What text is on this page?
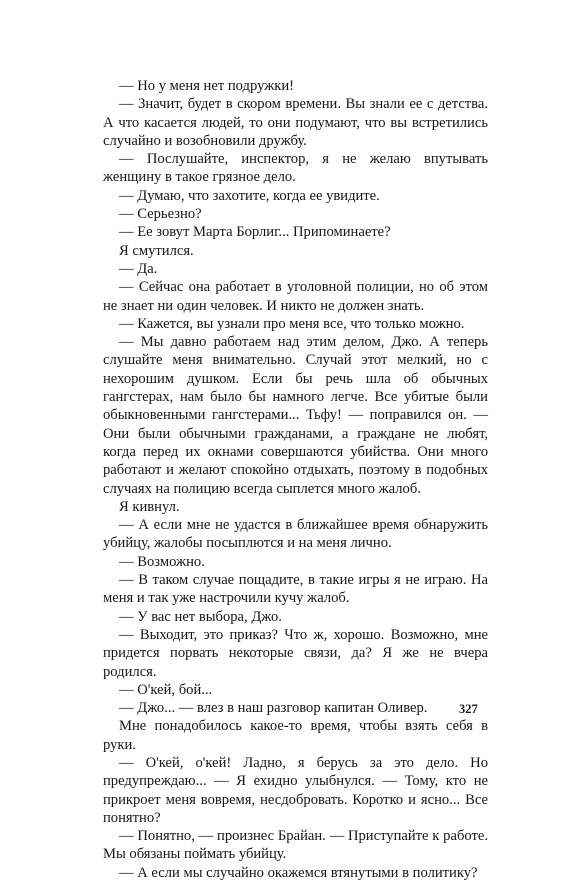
— Но у меня нет подружки!

— Значит, будет в скором времени. Вы знали ее с детства. А что касается людей, то они подумают, что вы встретились случайно и возобновили дружбу.

— Послушайте, инспектор, я не желаю впутывать женщину в такое грязное дело.

— Думаю, что захотите, когда ее увидите.

— Серьезно?

— Ее зовут Марта Борлиг... Припоминаете?

Я смутился.

— Да.

— Сейчас она работает в уголовной полиции, но об этом не знает ни один человек. И никто не должен знать.

— Кажется, вы узнали про меня все, что только можно.

— Мы давно работаем над этим делом, Джо. А теперь слушайте меня внимательно. Случай этот мелкий, но с нехорошим душком. Если бы речь шла об обычных гангстерах, нам было бы намного легче. Все убитые были обыкновенными гангстерами... Тьфу! — поправился он. — Они были обычными гражданами, а граждане не любят, когда перед их окнами совершаются убийства. Они много работают и желают спокойно отдыхать, поэтому в подобных случаях на полицию всегда сыплется много жалоб.

Я кивнул.

— А если мне не удастся в ближайшее время обнаружить убийцу, жалобы посыплются и на меня лично.

— Возможно.

— В таком случае пощадите, в такие игры я не играю. На меня и так уже настрочили кучу жалоб.

— У вас нет выбора, Джо.

— Выходит, это приказ? Что ж, хорошо. Возможно, мне придется порвать некоторые связи, да? Я же не вчера родился.

— О'кей, бой...

— Джо... — влез в наш разговор капитан Оливер.

Мне понадобилось какое-то время, чтобы взять себя в руки.

— О'кей, о'кей! Ладно, я берусь за это дело. Но предупреждаю... — Я ехидно улыбнулся. — Тому, кто не прикроет меня вовремя, несдобровать. Коротко и ясно... Все понятно?

— Понятно, — произнес Брайан. — Приступайте к работе. Мы обязаны поймать убийцу.

— А если мы случайно окажемся втянутыми в политику?

327
